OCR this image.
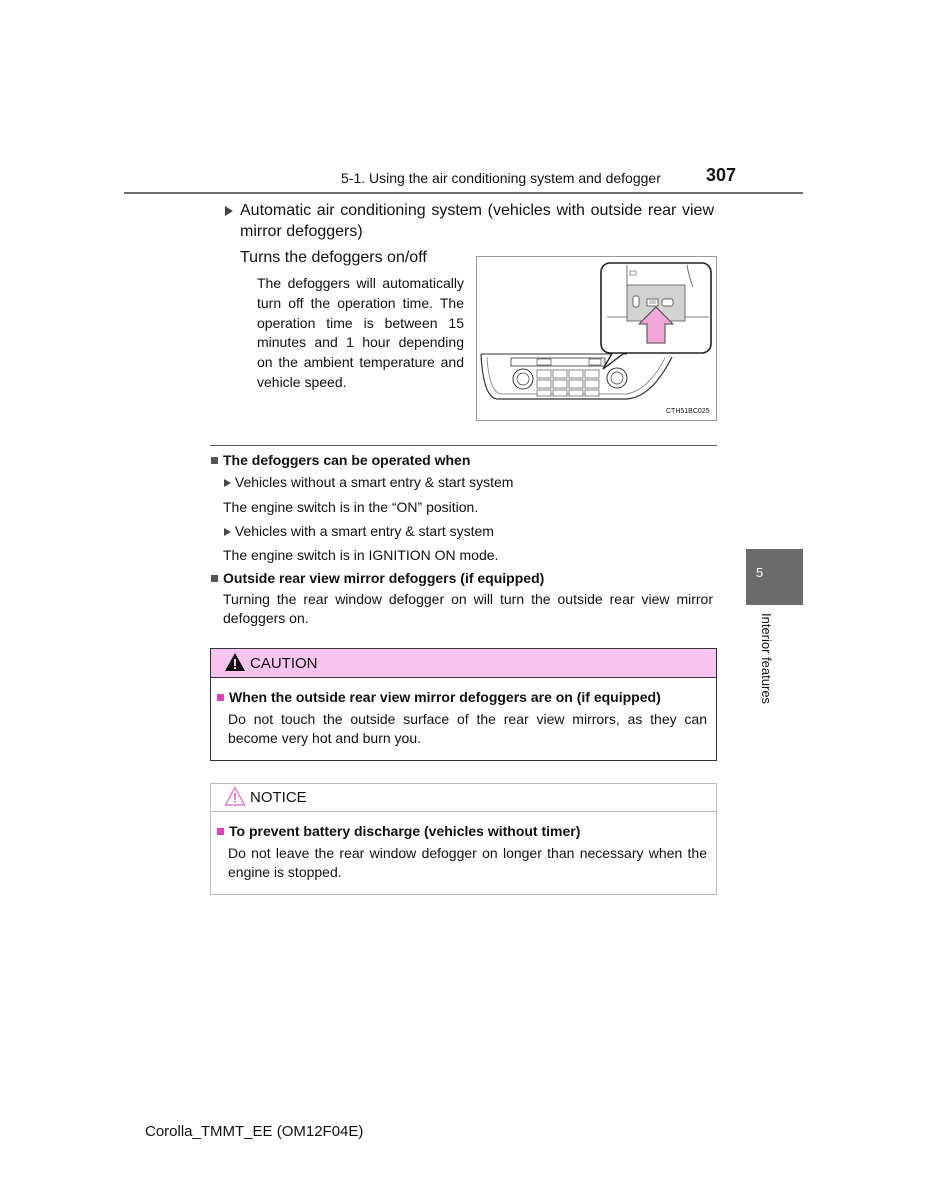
5-1. Using the air conditioning system and defogger	307
5
Interior features
Automatic air conditioning system (vehicles with outside rear view mirror defoggers)
Turns the defoggers on/off
The defoggers will automatically turn off the operation time. The operation time is between 15 minutes and 1 hour depending on the ambient temperature and vehicle speed.
CTH51BC025
The defoggers can be operated when
Vehicles without a smart entry & start system
The engine switch is in the “ON” position.
Vehicles with a smart entry & start system
The engine switch is in IGNITION ON mode.
Outside rear view mirror defoggers (if equipped)
Turning the rear window defogger on will turn the outside rear view mirror defoggers on.
CAUTION
When the outside rear view mirror defoggers are on (if equipped)
Do not touch the outside surface of the rear view mirrors, as they can become very hot and burn you.
NOTICE
To prevent battery discharge (vehicles without timer)
Do not leave the rear window defogger on longer than necessary when the engine is stopped.
Corolla_TMMT_EE (OM12F04E)
